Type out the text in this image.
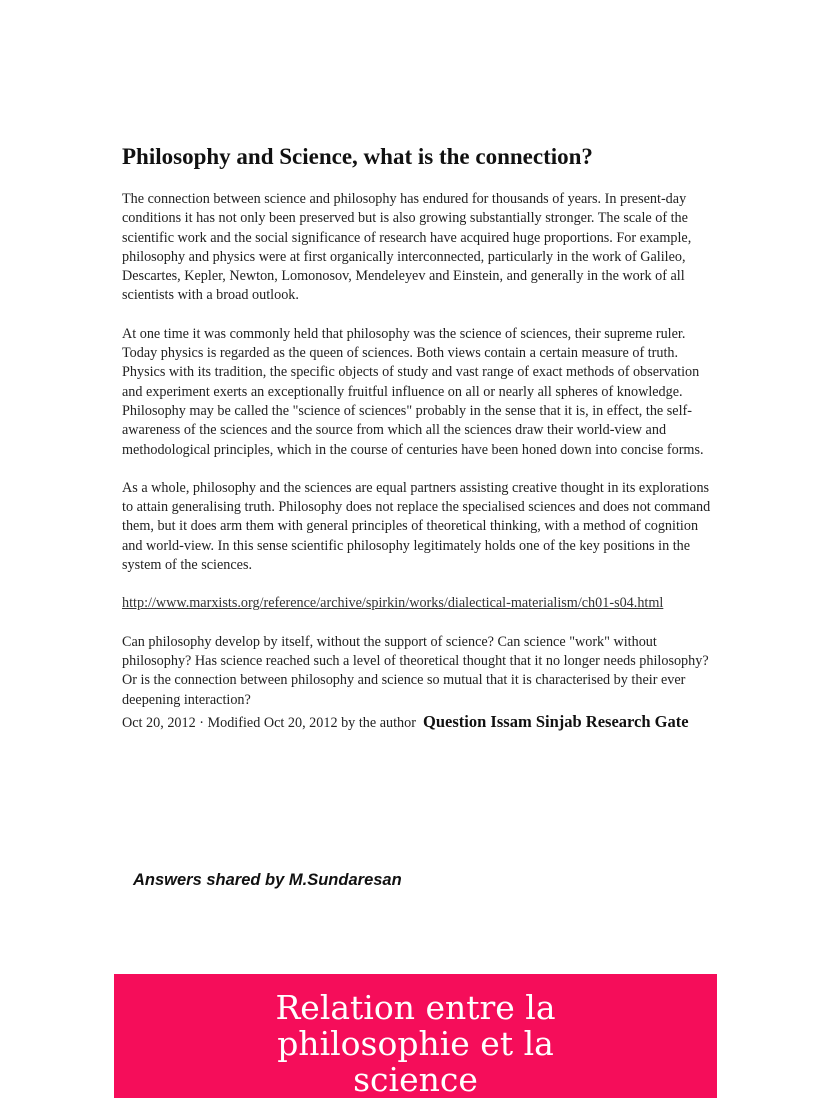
Philosophy and Science, what is the connection?

The connection between science and philosophy has endured for thousands of years. In present-day conditions it has not only been preserved but is also growing substantially stronger. The scale of the scientific work and the social significance of research have acquired huge proportions. For example, philosophy and physics were at first organically interconnected, particularly in the work of Galileo, Descartes, Kepler, Newton, Lomonosov, Mendeleyev and Einstein, and generally in the work of all scientists with a broad outlook.

At one time it was commonly held that philosophy was the science of sciences, their supreme ruler. Today physics is regarded as the queen of sciences. Both views contain a certain measure of truth. Physics with its tradition, the specific objects of study and vast range of exact methods of observation and experiment exerts an exceptionally fruitful influence on all or nearly all spheres of knowledge.

Philosophy may be called the "science of sciences" probably in the sense that it is, in effect, the self-awareness of the sciences and the source from which all the sciences draw their world-view and methodological principles, which in the course of centuries have been honed down into concise forms.

As a whole, philosophy and the sciences are equal partners assisting creative thought in its explorations to attain generalising truth. Philosophy does not replace the specialised sciences and does not command them, but it does arm them with general principles of theoretical thinking, with a method of cognition and world-view. In this sense scientific philosophy legitimately holds one of the key positions in the system of the sciences.

http://www.marxists.org/reference/archive/spirkin/works/dialectical-materialism/ch01-s04.html

Can philosophy develop by itself, without the support of science? Can science "work" without philosophy? Has science reached such a level of theoretical thought that it no longer needs philosophy? Or is the connection between philosophy and science so mutual that it is characterised by their ever deepening interaction?

Oct 20, 2012 · Modified Oct 20, 2012 by the author Question Issam Sinjab Research Gate
Answers shared by M.Sundaresan
Relation entre la philosophie et la science
